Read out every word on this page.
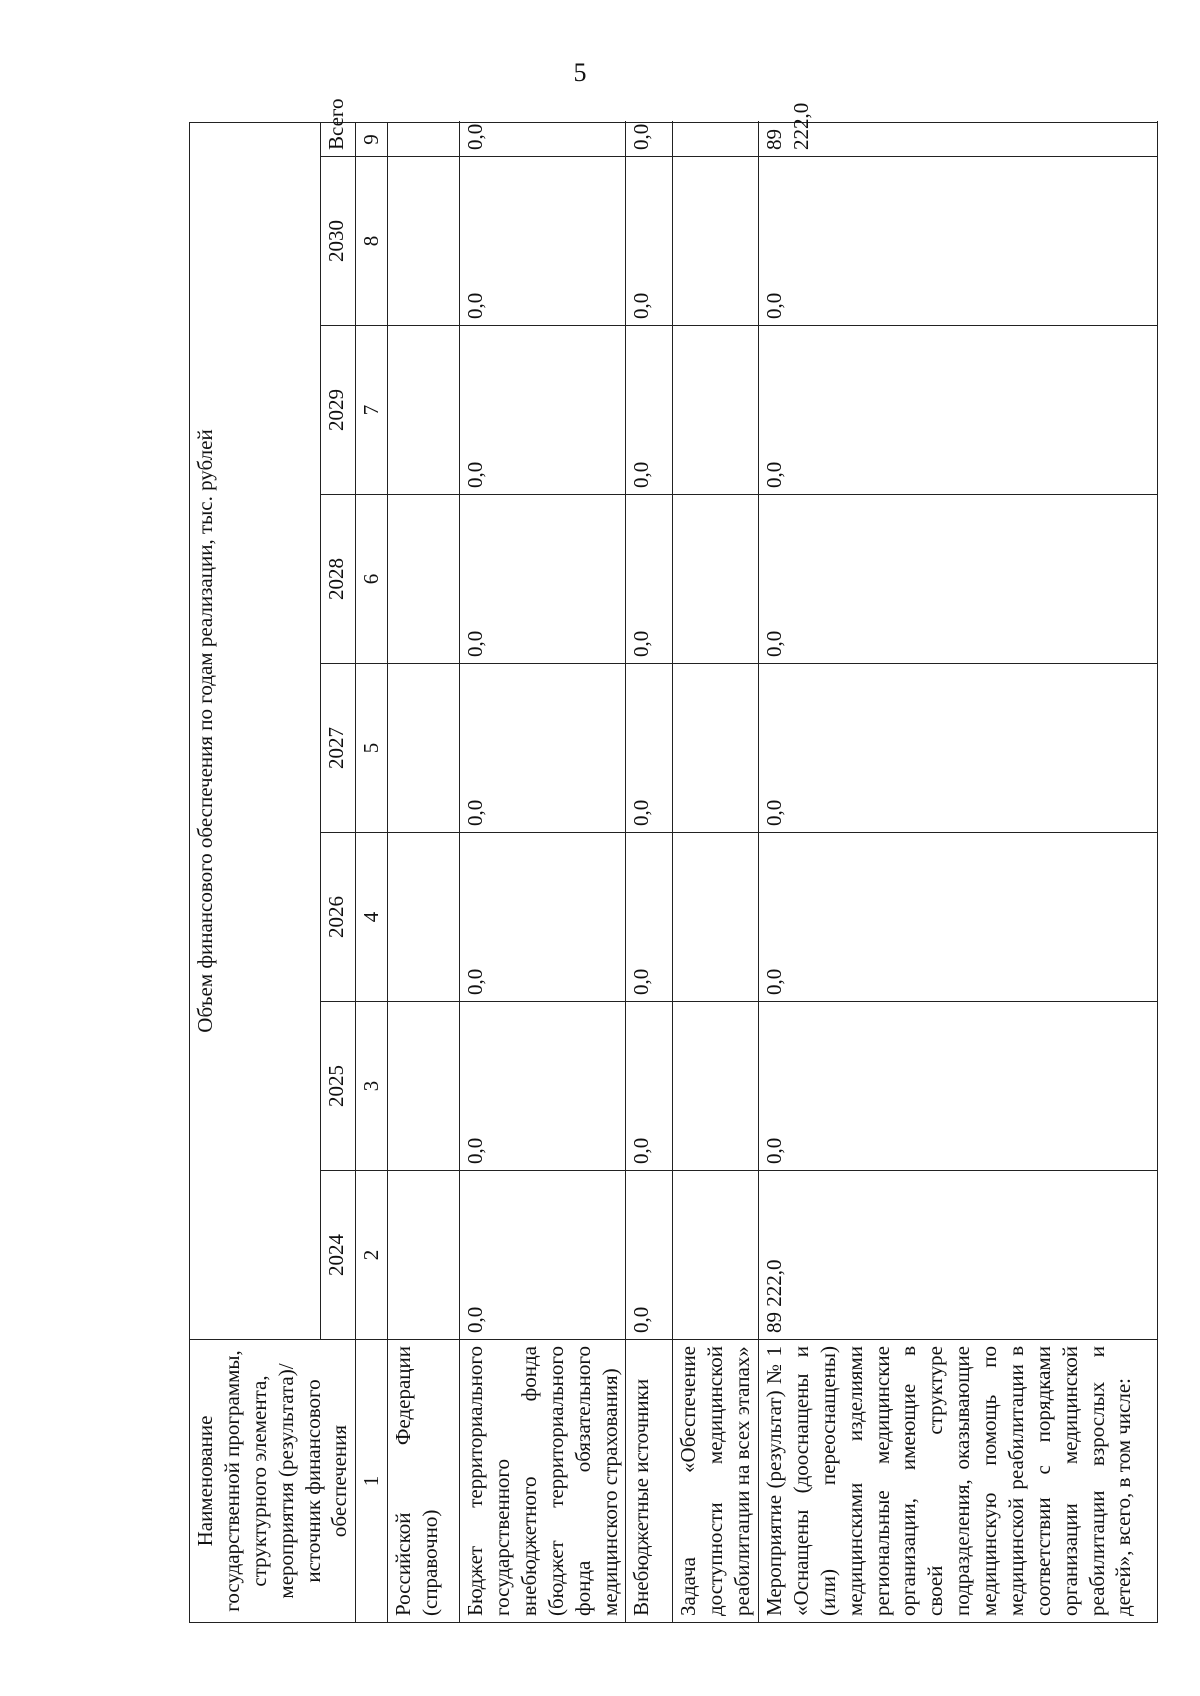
5
Наименование государственной программы, структурного элемента, мероприятия (результата)/источник финансового обеспечения	Объем финансового обеспечения по годам реализации, тыс. рублей							
	2024	2025	2026	2027	2028	2029	2030	Всего
1	2	3	4	5	6	7	8	9
Российской Федерации (справочно)								
Бюджет территориального государственного внебюджетного фонда (бюджет территориального фонда обязательного медицинского страхования)	0,0	0,0	0,0	0,0	0,0	0,0	0,0	0,0
Внебюджетные источники	0,0	0,0	0,0	0,0	0,0	0,0	0,0	0,0
Задача «Обеспечение доступности медицинской реабилитации на всех этапах»								
Мероприятие (результат) № 1 «Оснащены (дооснащены и (или) переоснащены) медицинскими изделиями региональные медицинские организации, имеющие в своей структуре подразделения, оказывающие медицинскую помощь по медицинской реабилитации в соответствии с порядками организации медицинской реабилитации взрослых и детей», всего, в том числе:	89 222,0	0,0	0,0	0,0	0,0	0,0	0,0	89 222,0
